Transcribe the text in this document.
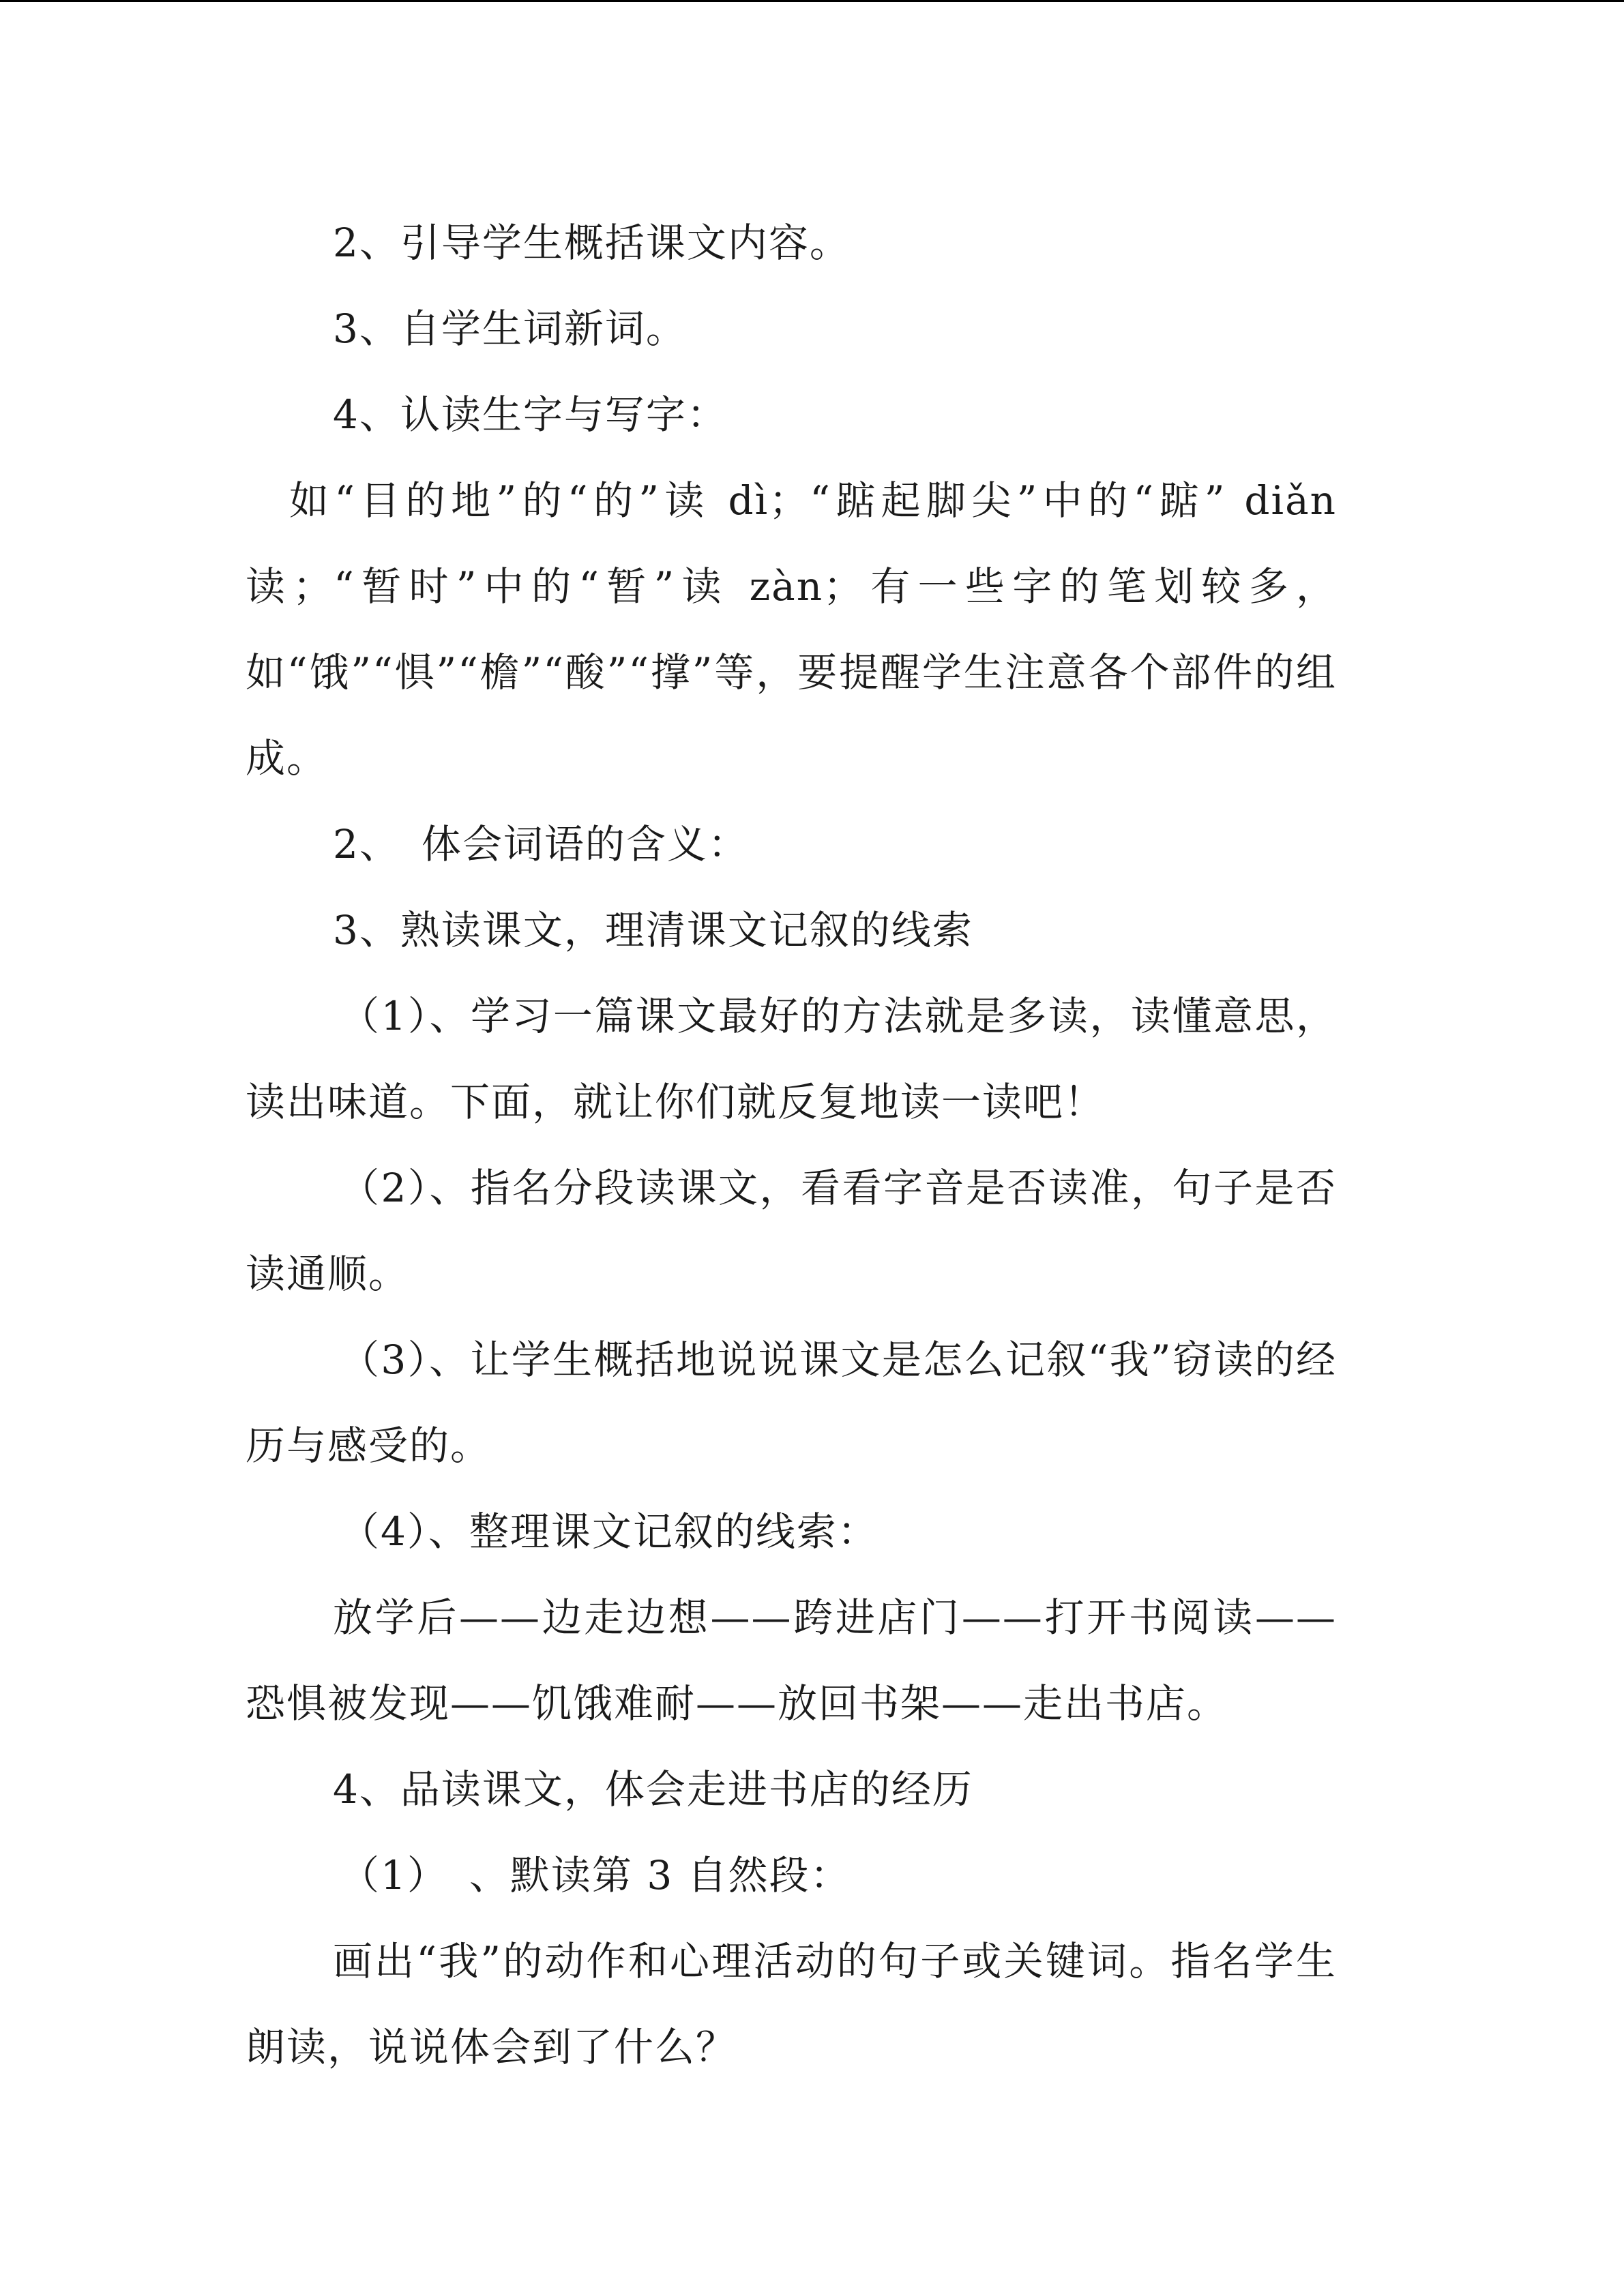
2、引导学生概括课文内容。

3、自学生词新词。

4、认读生字与写字：

如“目的地”的“的”读 dì；“踮起脚尖”中的“踮” diǎn 读；“暂时”中的“暂”读 zàn；有一些字的笔划较多，如“饿”“惧”“檐”“酸”“撑”等，要提醒学生注意各个部件的组成。

2、　体会词语的含义：

3、熟读课文，理清课文记叙的线索

（1）、学习一篇课文最好的方法就是多读，读懂意思，读出味道。下面，就让你们就反复地读一读吧！

（2）、指名分段读课文，看看字音是否读准，句子是否读通顺。

（3）、让学生概括地说说课文是怎么记叙“我”窃读的经历与感受的。

（4）、整理课文记叙的线索：

放学后——边走边想——跨进店门——打开书阅读——恐惧被发现——饥饿难耐——放回书架——走出书店。

4、品读课文，体会走进书店的经历

（1）　、默读第 3 自然段：

画出“我”的动作和心理活动的句子或关键词。指名学生朗读，说说体会到了什么？
